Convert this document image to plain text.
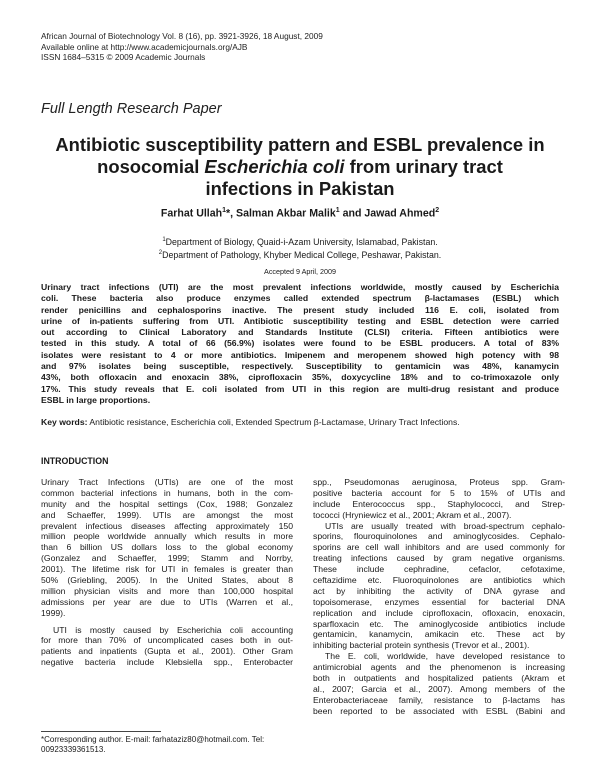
African Journal of Biotechnology Vol. 8 (16), pp. 3921-3926, 18 August, 2009
Available online at http://www.academicjournals.org/AJB
ISSN 1684–5315 © 2009 Academic Journals
Full Length Research Paper
Antibiotic susceptibility pattern and ESBL prevalence in
nosocomial Escherichia coli from urinary tract
infections in Pakistan
Farhat Ullah$^1$*, Salman Akbar Malik$^1$ and Jawad Ahmed$^2$
$^1$Department of Biology, Quaid-i-Azam University, Islamabad, Pakistan.
$^2$Department of Pathology, Khyber Medical College, Peshawar, Pakistan.
Accepted 9 April, 2009
Urinary tract infections (UTI) are the most prevalent infections worldwide, mostly caused by Escherichia
coli. These bacteria also produce enzymes called extended spectrum β-lactamases (ESBL) which
render penicillins and cephalosporins inactive. The present study included 116 E. coli, isolated from
urine of in-patients suffering from UTI. Antibiotic susceptibility testing and ESBL detection were carried
out according to Clinical Laboratory and Standards Institute (CLSI) criteria. Fifteen antibiotics were
tested in this study. A total of 66 (56.9%) isolates were found to be ESBL producers. A total of 83%
isolates were resistant to 4 or more antibiotics. Imipenem and meropenem showed high potency with 98
and 97% isolates being susceptible, respectively. Susceptibility to gentamicin was 48%, kanamycin
43%, both ofloxacin and enoxacin 38%, ciprofloxacin 35%, doxycycline 18% and to co-trimoxazole only
17%. This study reveals that E. coli isolated from UTI in this region are multi-drug resistant and produce
ESBL in large proportions.
Key words: Antibiotic resistance, Escherichia coli, Extended Spectrum β-Lactamase, Urinary Tract Infections.
INTRODUCTION
Urinary Tract Infections (UTIs) are one of the most
common bacterial infections in humans, both in the com-
munity and the hospital settings (Cox, 1988; Gonzalez
and Schaeffer, 1999). UTIs are amongst the most
prevalent infectious diseases affecting approximately 150
million people worldwide annually which results in more
than 6 billion US dollars loss to the global economy
(Gonzalez and Schaeffer, 1999; Stamm and Norrby,
2001). The lifetime risk for UTI in females is greater than
50% (Griebling, 2005). In the United States, about 8
million physician visits and more than 100,000 hospital
admissions per year are due to UTIs (Warren et al.,
1999).
UTI is mostly caused by Escherichia coli accounting
for more than 70% of uncomplicated cases both in out-
patients and inpatients (Gupta et al., 2001). Other Gram
negative bacteria include Klebsiella spp., Enterobacter
spp., Pseudomonas aeruginosa, Proteus spp. Gram-
positive bacteria account for 5 to 15% of UTIs and
include Enterococcus spp., Staphylococci, and Strep-
tococci (Hryniewicz et al., 2001; Akram et al., 2007).
UTIs are usually treated with broad-spectrum cephalo-
sporins, flouroquinolones and aminoglycosides. Cephalo-
sporins are cell wall inhibitors and are used commonly for
treating infections caused by gram negative organisms.
These include cephradine, cefaclor, cefotaxime,
ceftazidime etc. Fluoroquinolones are antibiotics which
act by inhibiting the activity of DNA gyrase and
topoisomerase, enzymes essential for bacterial DNA
replication and include ciprofloxacin, ofloxacin, enoxacin,
sparfloxacin etc. The aminoglycoside antibiotics include
gentamicin, kanamycin, amikacin etc. These act by
inhibiting bacterial protein synthesis (Trevor et al., 2001).
The E. coli, worldwide, have developed resistance to
antimicrobial agents and the phenomenon is increasing
both in outpatients and hospitalized patients (Akram et
al., 2007; Garcia et al., 2007). Among members of the
Enterobacteriaceae family, resistance to β-lactams has
been reported to be associated with ESBL (Babini and
*Corresponding author. E-mail: farhataziz80@hotmail.com. Tel:
00923339361513.
